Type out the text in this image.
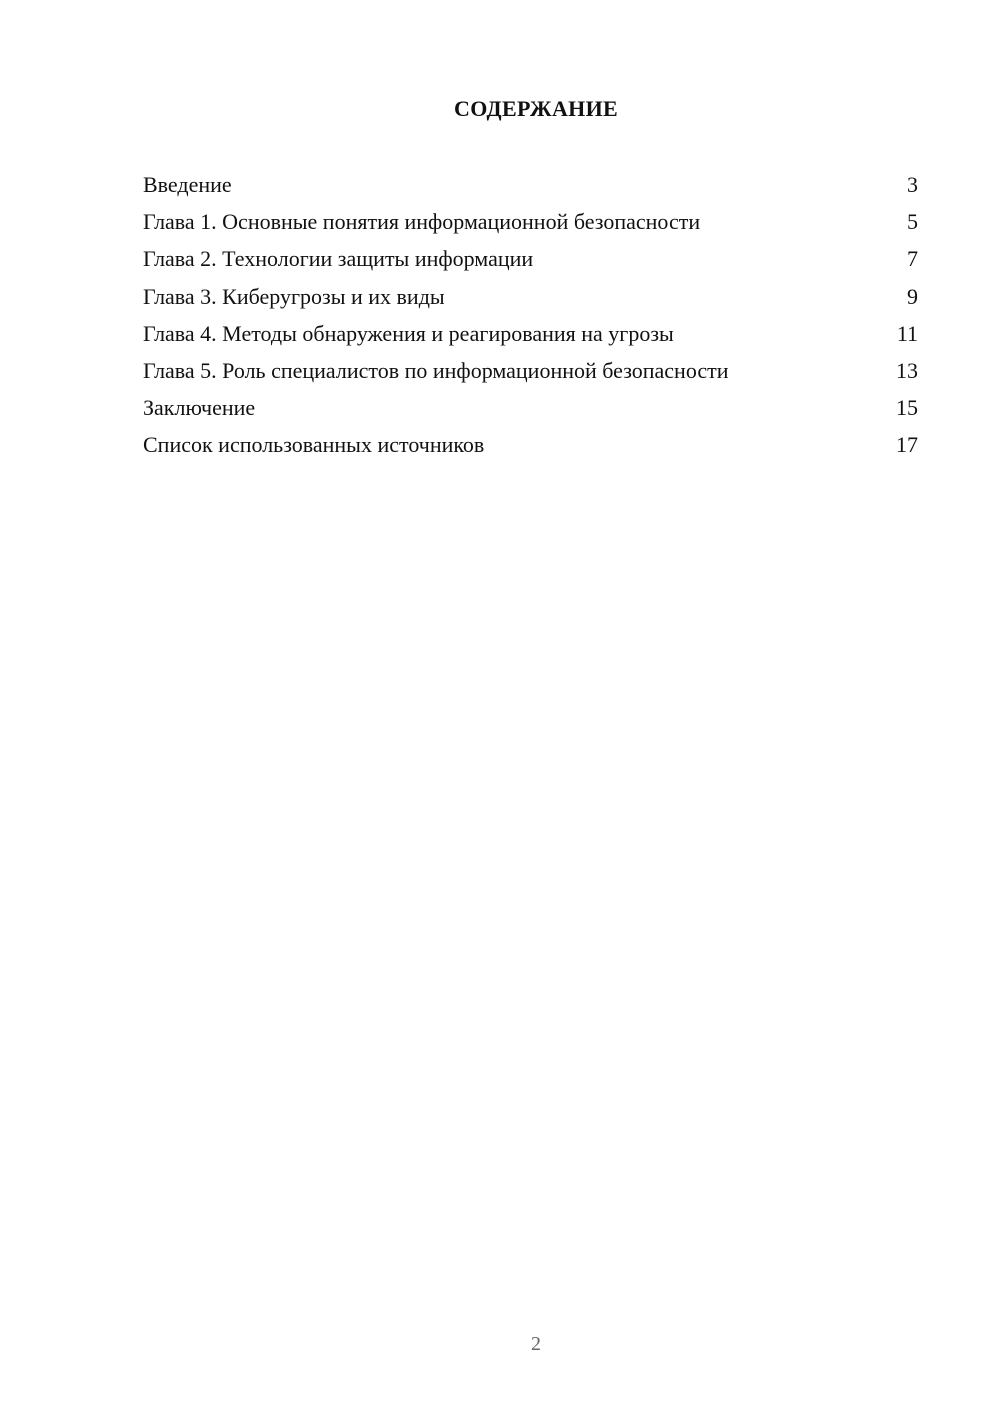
СОДЕРЖАНИЕ
Введение	3
Глава 1. Основные понятия информационной безопасности	5
Глава 2. Технологии защиты информации	7
Глава 3. Киберугрозы и их виды	9
Глава 4. Методы обнаружения и реагирования на угрозы	11
Глава 5. Роль специалистов по информационной безопасности	13
Заключение	15
Список использованных источников	17
2
